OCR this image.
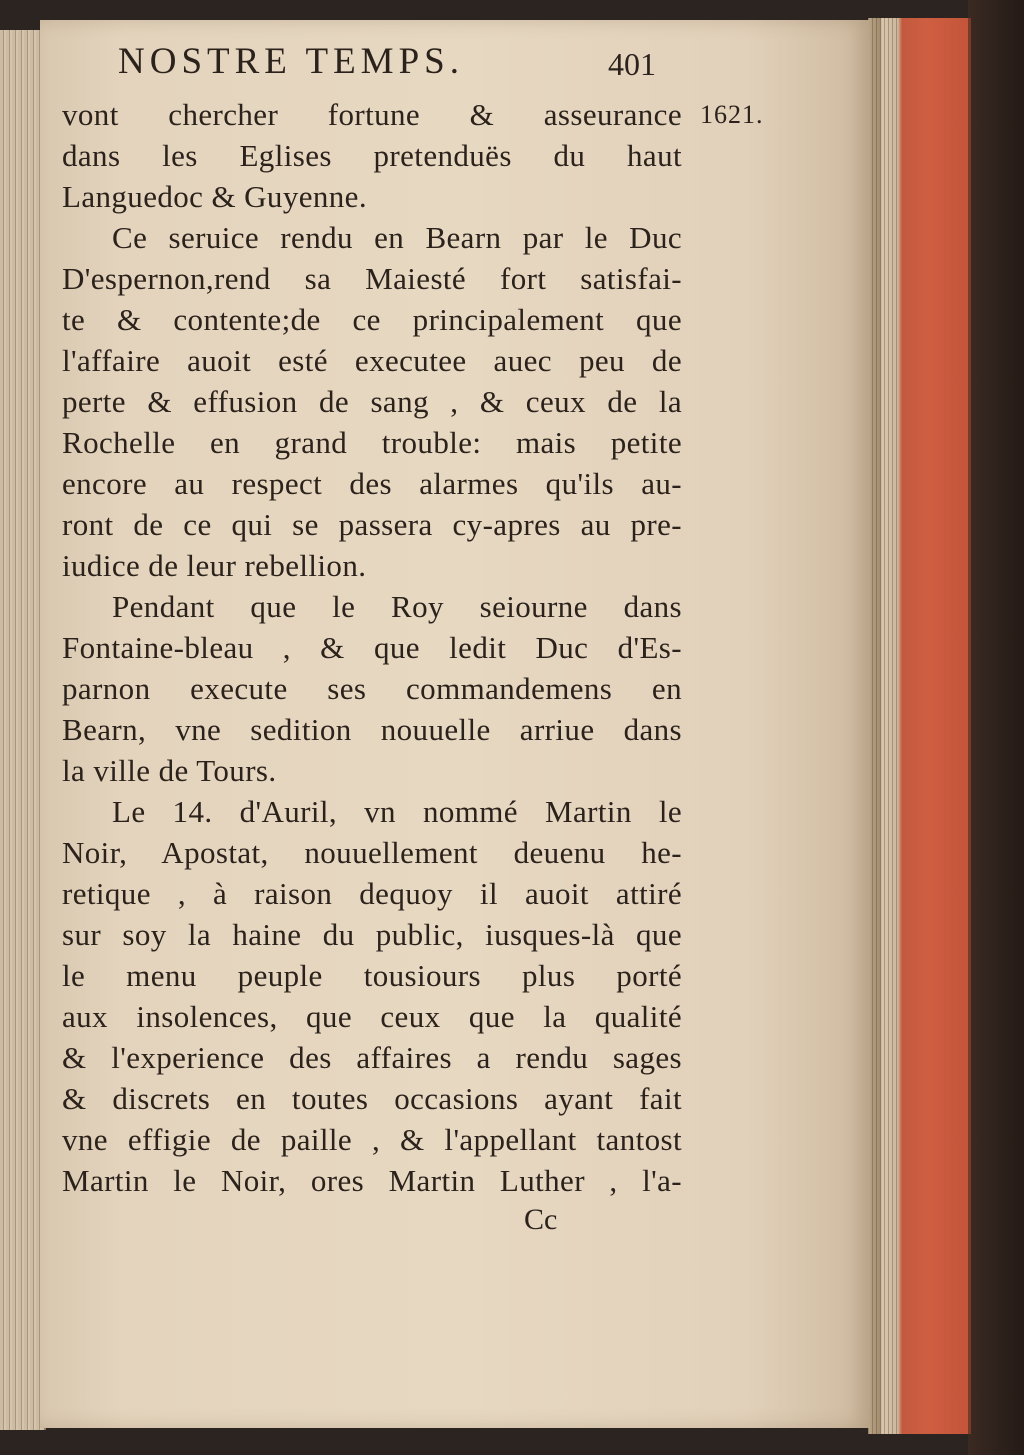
NOSTRE TEMPS.	401
vont chercher fortune & asseurance
dans les Eglises pretenduës du haut
Languedoc & Guyenne.
Ce seruice rendu en Bearn par le Duc
D'espernon,rend sa Maiesté fort satisfai-
te & contente;de ce principalement que
l'affaire auoit esté executee auec peu de
perte & effusion de sang , & ceux de la
Rochelle en grand trouble: mais petite
encore au respect des alarmes qu'ils au-
ront de ce qui se passera cy-apres au pre-
iudice de leur rebellion.
Pendant que le Roy seiourne dans
Fontaine-bleau , & que ledit Duc d'Es-
parnon execute ses commandemens en
Bearn, vne sedition nouuelle arriue dans
la ville de Tours.
Le 14. d'Auril, vn nommé Martin le
Noir, Apostat, nouuellement deuenu he-
retique , à raison dequoy il auoit attiré
sur soy la haine du public, iusques-là que
le menu peuple tousiours plus porté
aux insolences, que ceux que la qualité
& l'experience des affaires a rendu sages
& discrets en toutes occasions ayant fait
vne effigie de paille , & l'appellant tantost
Martin le Noir, ores Martin Luther , l'a-
Cc
1621.
